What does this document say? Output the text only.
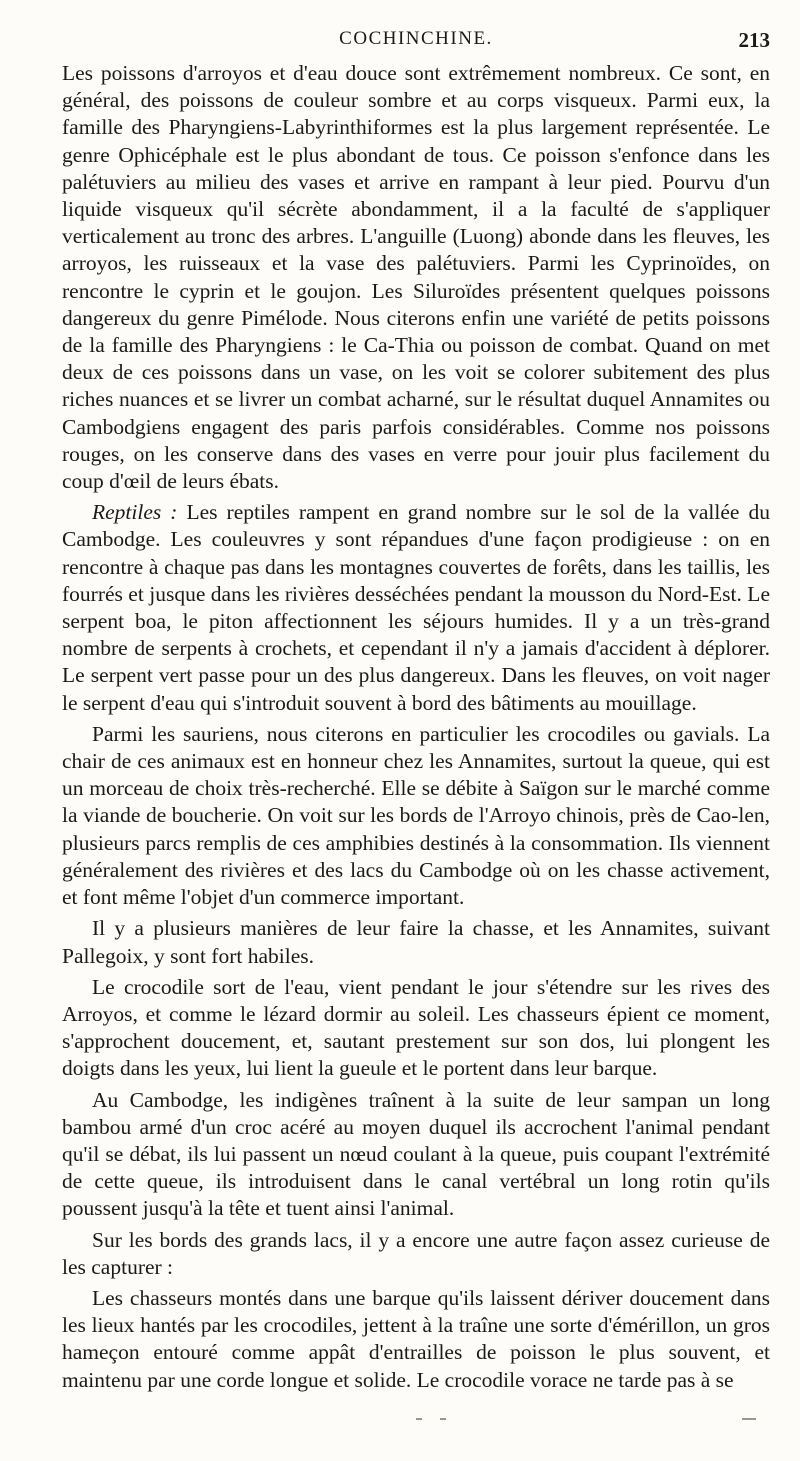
COCHINCHINE.	213

Les poissons d'arroyos et d'eau douce sont extrêmement nombreux. Ce sont, en général, des poissons de couleur sombre et au corps visqueux. Parmi eux, la famille des Pharyngiens-Labyrinthiformes est la plus largement représentée. Le genre Ophicéphale est le plus abondant de tous. Ce poisson s'enfonce dans les palétuviers au milieu des vases et arrive en rampant à leur pied. Pourvu d'un liquide visqueux qu'il sécrète abondamment, il a la faculté de s'appliquer verticalement au tronc des arbres. L'anguille (Luong) abonde dans les fleuves, les arroyos, les ruisseaux et la vase des palétuviers. Parmi les Cyprinoïdes, on rencontre le cyprin et le goujon. Les Siluroïdes présentent quelques poissons dangereux du genre Pimélode. Nous citerons enfin une variété de petits poissons de la famille des Pharyngiens : le Ca-Thia ou poisson de combat. Quand on met deux de ces poissons dans un vase, on les voit se colorer subitement des plus riches nuances et se livrer un combat acharné, sur le résultat duquel Annamites ou Cambodgiens engagent des paris parfois considérables. Comme nos poissons rouges, on les conserve dans des vases en verre pour jouir plus facilement du coup d'œil de leurs ébats.

Reptiles : Les reptiles rampent en grand nombre sur le sol de la vallée du Cambodge. Les couleuvres y sont répandues d'une façon prodigieuse : on en rencontre à chaque pas dans les montagnes couvertes de forêts, dans les taillis, les fourrés et jusque dans les rivières desséchées pendant la mousson du Nord-Est. Le serpent boa, le piton affectionnent les séjours humides. Il y a un très-grand nombre de serpents à crochets, et cependant il n'y a jamais d'accident à déplorer. Le serpent vert passe pour un des plus dangereux. Dans les fleuves, on voit nager le serpent d'eau qui s'introduit souvent à bord des bâtiments au mouillage.

Parmi les sauriens, nous citerons en particulier les crocodiles ou gavials. La chair de ces animaux est en honneur chez les Annamites, surtout la queue, qui est un morceau de choix très-recherché. Elle se débite à Saïgon sur le marché comme la viande de boucherie. On voit sur les bords de l'Arroyo chinois, près de Cao-len, plusieurs parcs remplis de ces amphibies destinés à la consommation. Ils viennent généralement des rivières et des lacs du Cambodge où on les chasse activement, et font même l'objet d'un commerce important.

Il y a plusieurs manières de leur faire la chasse, et les Annamites, suivant Pallegoix, y sont fort habiles.

Le crocodile sort de l'eau, vient pendant le jour s'étendre sur les rives des Arroyos, et comme le lézard dormir au soleil. Les chasseurs épient ce moment, s'approchent doucement, et, sautant prestement sur son dos, lui plongent les doigts dans les yeux, lui lient la gueule et le portent dans leur barque.

Au Cambodge, les indigènes traînent à la suite de leur sampan un long bambou armé d'un croc acéré au moyen duquel ils accrochent l'animal pendant qu'il se débat, ils lui passent un nœud coulant à la queue, puis coupant l'extrémité de cette queue, ils introduisent dans le canal vertébral un long rotin qu'ils poussent jusqu'à la tête et tuent ainsi l'animal.

Sur les bords des grands lacs, il y a encore une autre façon assez curieuse de les capturer :

Les chasseurs montés dans une barque qu'ils laissent dériver doucement dans les lieux hantés par les crocodiles, jettent à la traîne une sorte d'émérillon, un gros hameçon entouré comme appât d'entrailles de poisson le plus souvent, et maintenu par une corde longue et solide. Le crocodile vorace ne tarde pas à se
